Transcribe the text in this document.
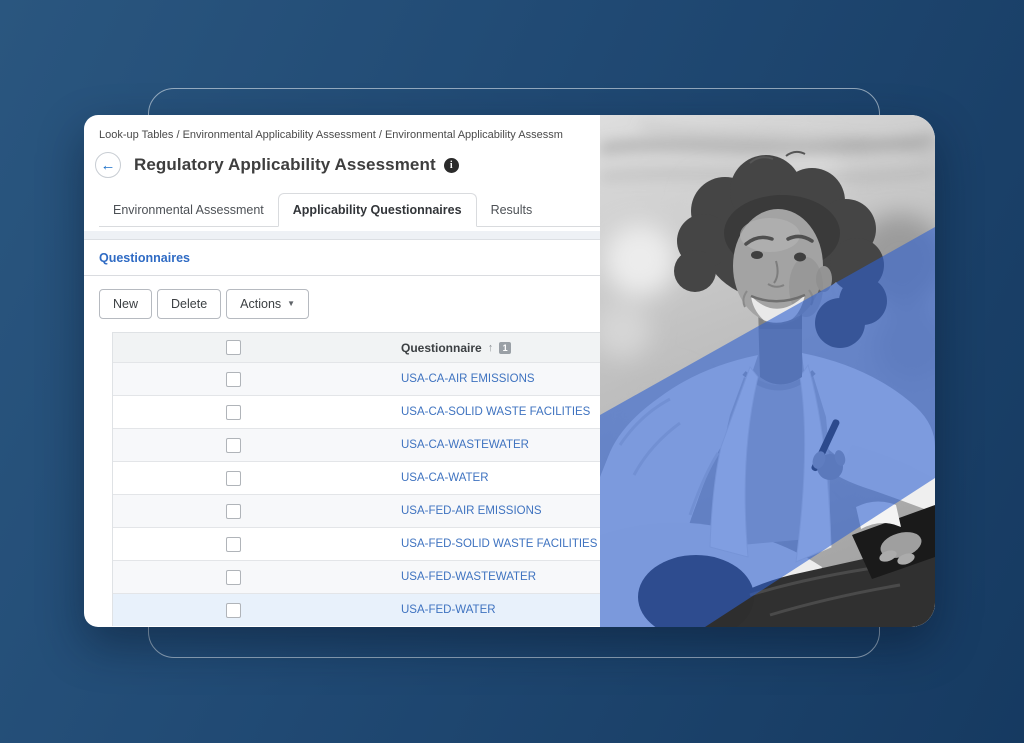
Look-up Tables / Environmental Applicability Assessment / Environmental Applicability Assessm
← Regulatory Applicability Assessment	i
Environmental Assessment	Applicability Questionnaires	Results
Questionnaires
New	Delete	Actions ▼
Questionnaire ↑	1
USA-CA-AIR EMISSIONS
USA-CA-SOLID WASTE FACILITIES
USA-CA-WASTEWATER
USA-CA-WATER
USA-FED-AIR EMISSIONS
USA-FED-SOLID WASTE FACILITIES
USA-FED-WASTEWATER
USA-FED-WATER
